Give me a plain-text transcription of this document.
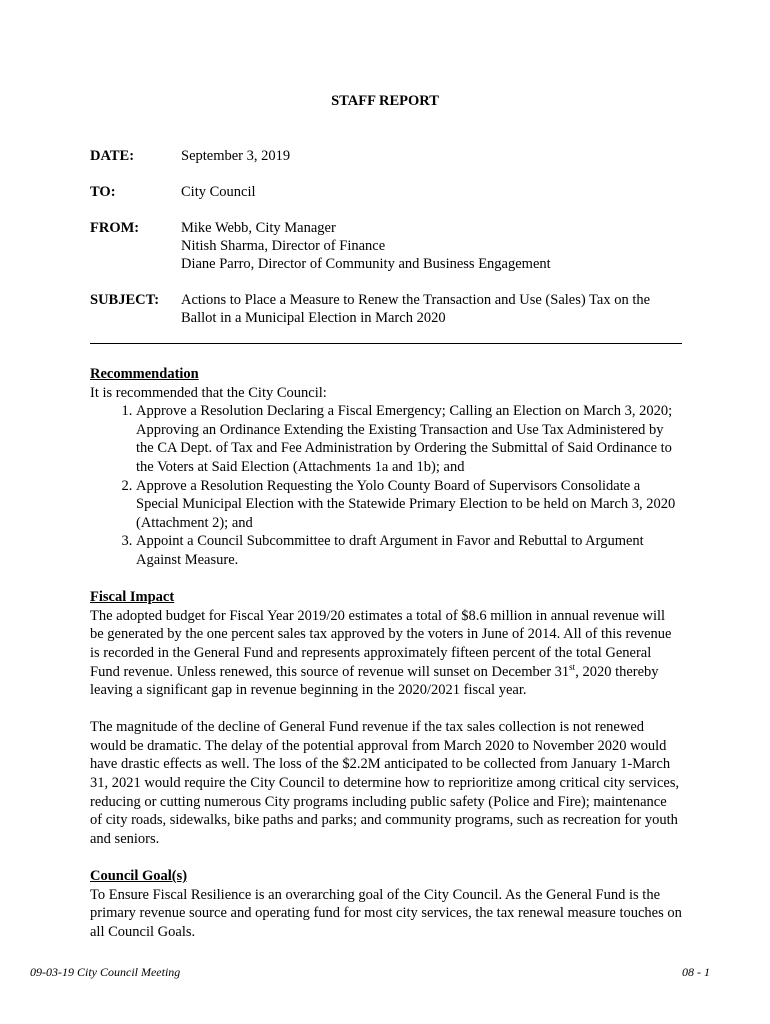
STAFF REPORT
DATE:	September 3, 2019
TO:	City Council
FROM:	Mike Webb, City Manager
Nitish Sharma, Director of Finance
Diane Parro, Director of Community and Business Engagement
SUBJECT: Actions to Place a Measure to Renew the Transaction and Use (Sales) Tax on the
Ballot in a Municipal Election in March 2020
Recommendation

It is recommended that the City Council:

1. Approve a Resolution Declaring a Fiscal Emergency; Calling an Election on March 3, 2020; Approving an Ordinance Extending the Existing Transaction and Use Tax Administered by the CA Dept. of Tax and Fee Administration by Ordering the Submittal of Said Ordinance to the Voters at Said Election (Attachments 1a and 1b); and
2. Approve a Resolution Requesting the Yolo County Board of Supervisors Consolidate a Special Municipal Election with the Statewide Primary Election to be held on March 3, 2020 (Attachment 2); and
3. Appoint a Council Subcommittee to draft Argument in Favor and Rebuttal to Argument Against Measure.
Fiscal Impact

The adopted budget for Fiscal Year 2019/20 estimates a total of $8.6 million in annual revenue will be generated by the one percent sales tax approved by the voters in June of 2014. All of this revenue is recorded in the General Fund and represents approximately fifteen percent of the total General Fund revenue. Unless renewed, this source of revenue will sunset on December 31st, 2020 thereby leaving a significant gap in revenue beginning in the 2020/2021 fiscal year.

The magnitude of the decline of General Fund revenue if the tax sales collection is not renewed would be dramatic. The delay of the potential approval from March 2020 to November 2020 would have drastic effects as well. The loss of the $2.2M anticipated to be collected from January 1-March 31, 2021 would require the City Council to determine how to reprioritize among critical city services, reducing or cutting numerous City programs including public safety (Police and Fire); maintenance of city roads, sidewalks, bike paths and parks; and community programs, such as recreation for youth and seniors.

Council Goal(s)

To Ensure Fiscal Resilience is an overarching goal of the City Council. As the General Fund is the primary revenue source and operating fund for most city services, the tax renewal measure touches on all Council Goals.

09-03-19 City Council Meeting	08 - 1
